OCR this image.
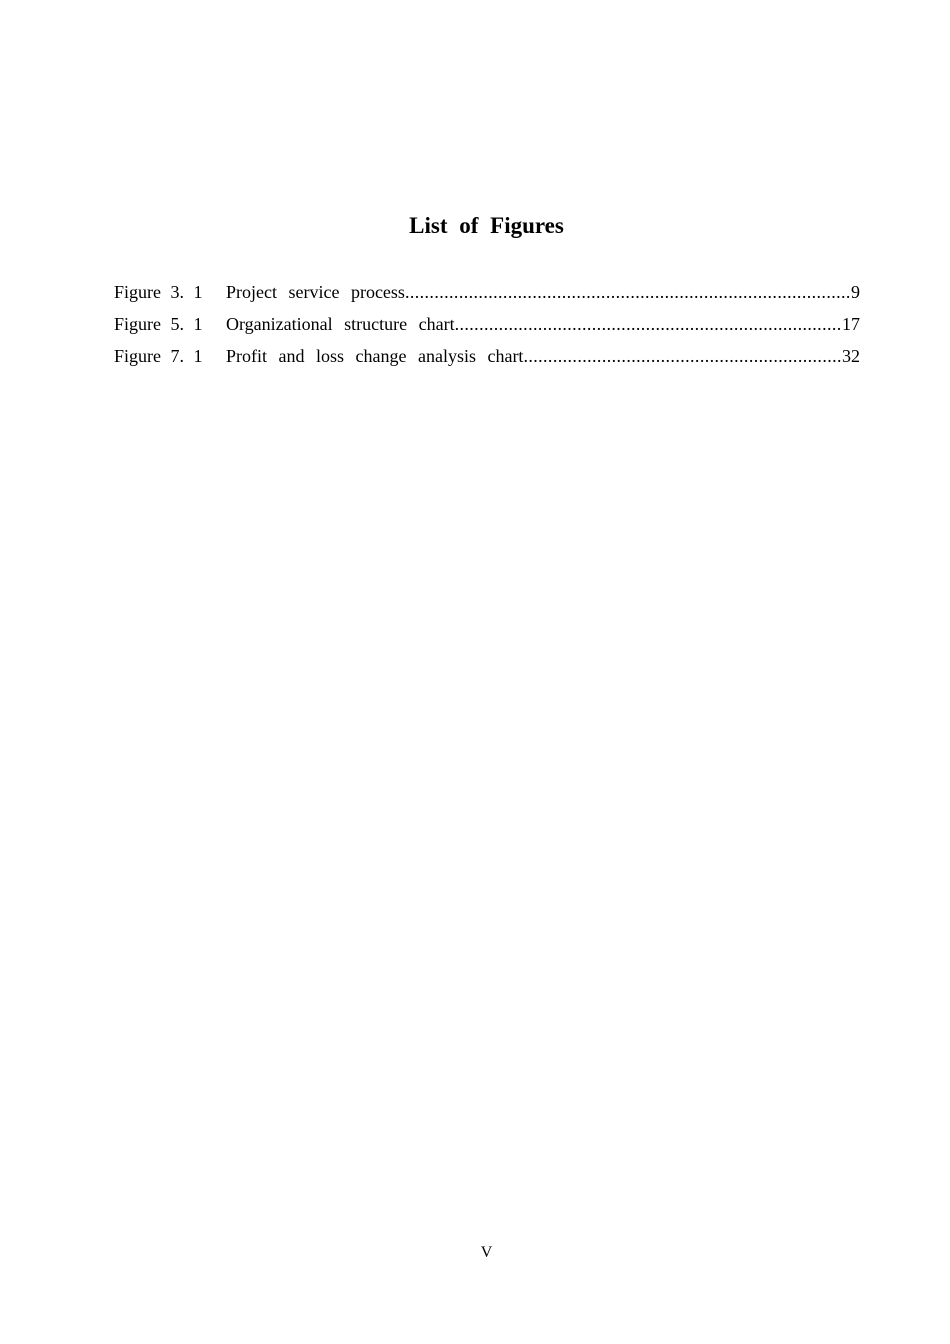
List of Figures
Figure 3. 1	Project service process .....	9
Figure 5. 1	Organizational structure chart .....	17
Figure 7. 1	Profit and loss change analysis chart .....	32
V
